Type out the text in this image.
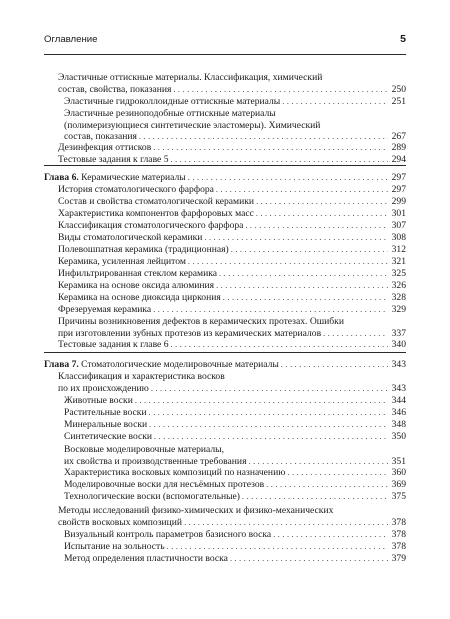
Оглавление	5
Эластичные оттискные материалы. Классификация, химический
состав, свойства, показания . . .	250
Эластичные гидроколлоидные оттискные материалы . . .	251
Эластичные резиноподобные оттискные материалы
(полимеризующиеся синтетические эластомеры). Химический
состав, показания . . .	267
Дезинфекция оттисков . . .	289
Тестовые задания к главе 5 . . .	294
Глава 6. Керамические материалы . . .	297
История стоматологического фарфора . . .	297
Состав и свойства стоматологической керамики . . .	299
Характеристика компонентов фарфоровых масс . . .	301
Классификация стоматологического фарфора . . .	307
Виды стоматологической керамики . . .	308
Полевошпатная керамика (традиционная) . . .	312
Керамика, усиленная лейцитом . . .	321
Инфильтрированная стеклом керамика . . .	325
Керамика на основе оксида алюминия . . .	326
Керамика на основе диоксида циркония . . .	328
Фрезеруемая керамика . . .	329
Причины возникновения дефектов в керамических протезах. Ошибки
при изготовлении зубных протезов из керамических материалов . . .	337
Тестовые задания к главе 6 . . .	340
Глава 7. Стоматологические моделировочные материалы . . .	343
Классификация и характеристика восков
по их происхождению . . .	343
Животные воски . . .	344
Растительные воски . . .	346
Минеральные воски . . .	348
Синтетические воски . . .	350
Восковые моделировочные материалы,
их свойства и производственные требования . . .	351
Характеристика восковых композиций по назначению . . .	360
Моделировочные воски для несъёмных протезов . . .	369
Технологические воски (вспомогательные) . . .	375
Методы исследований физико-химических и физико-механических
свойств восковых композиций . . .	378
Визуальный контроль параметров базисного воска . . .	378
Испытание на зольность . . .	378
Метод определения пластичности воска . . .	379
